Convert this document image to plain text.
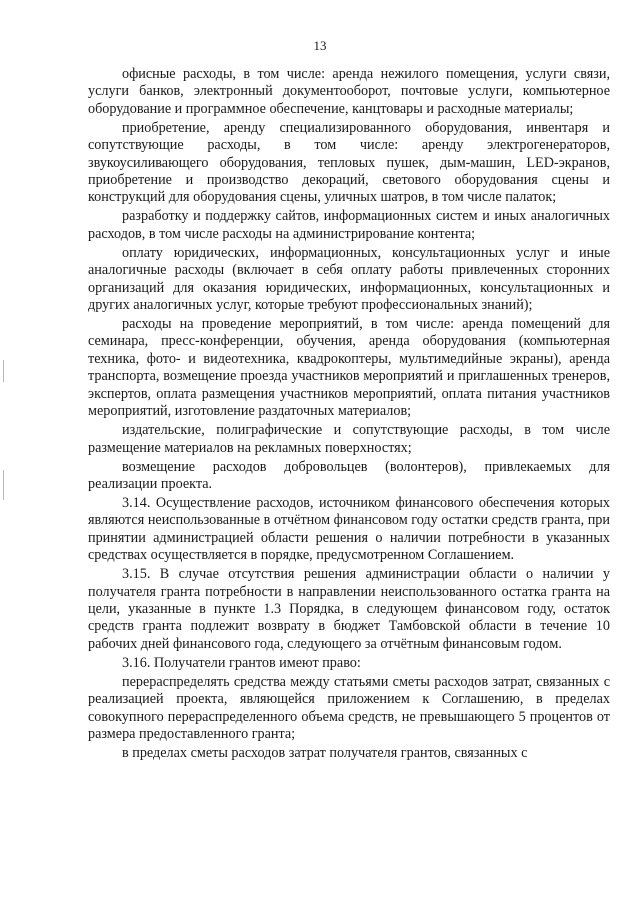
13

офисные расходы, в том числе: аренда нежилого помещения, услуги связи, услуги банков, электронный документооборот, почтовые услуги, компьютерное оборудование и программное обеспечение, канцтовары и расходные материалы;

приобретение, аренду специализированного оборудования, инвентаря и сопутствующие расходы, в том числе: аренду электрогенераторов, звукоусиливающего оборудования, тепловых пушек, дым-машин, LED-экранов, приобретение и производство декораций, светового оборудования сцены и конструкций для оборудования сцены, уличных шатров, в том числе палаток;

разработку и поддержку сайтов, информационных систем и иных аналогичных расходов, в том числе расходы на администрирование контента;

оплату юридических, информационных, консультационных услуг и иные аналогичные расходы (включает в себя оплату работы привлеченных сторонних организаций для оказания юридических, информационных, консультационных и других аналогичных услуг, которые требуют профессиональных знаний);

расходы на проведение мероприятий, в том числе: аренда помещений для семинара, пресс-конференции, обучения, аренда оборудования (компьютерная техника, фото- и видеотехника, квадрокоптеры, мультимедийные экраны), аренда транспорта, возмещение проезда участников мероприятий и приглашенных тренеров, экспертов, оплата размещения участников мероприятий, оплата питания участников мероприятий, изготовление раздаточных материалов;

издательские, полиграфические и сопутствующие расходы, в том числе размещение материалов на рекламных поверхностях;

возмещение расходов добровольцев (волонтеров), привлекаемых для реализации проекта.

3.14. Осуществление расходов, источником финансового обеспечения которых являются неиспользованные в отчётном финансовом году остатки средств гранта, при принятии администрацией области решения о наличии потребности в указанных средствах осуществляется в порядке, предусмотренном Соглашением.

3.15. В случае отсутствия решения администрации области о наличии у получателя гранта потребности в направлении неиспользованного остатка гранта на цели, указанные в пункте 1.3 Порядка, в следующем финансовом году, остаток средств гранта подлежит возврату в бюджет Тамбовской области в течение 10 рабочих дней финансового года, следующего за отчётным финансовым годом.

3.16. Получатели грантов имеют право:

перераспределять средства между статьями сметы расходов затрат, связанных с реализацией проекта, являющейся приложением к Соглашению, в пределах совокупного перераспределенного объема средств, не превышающего 5 процентов от размера предоставленного гранта;

в пределах сметы расходов затрат получателя грантов, связанных с
